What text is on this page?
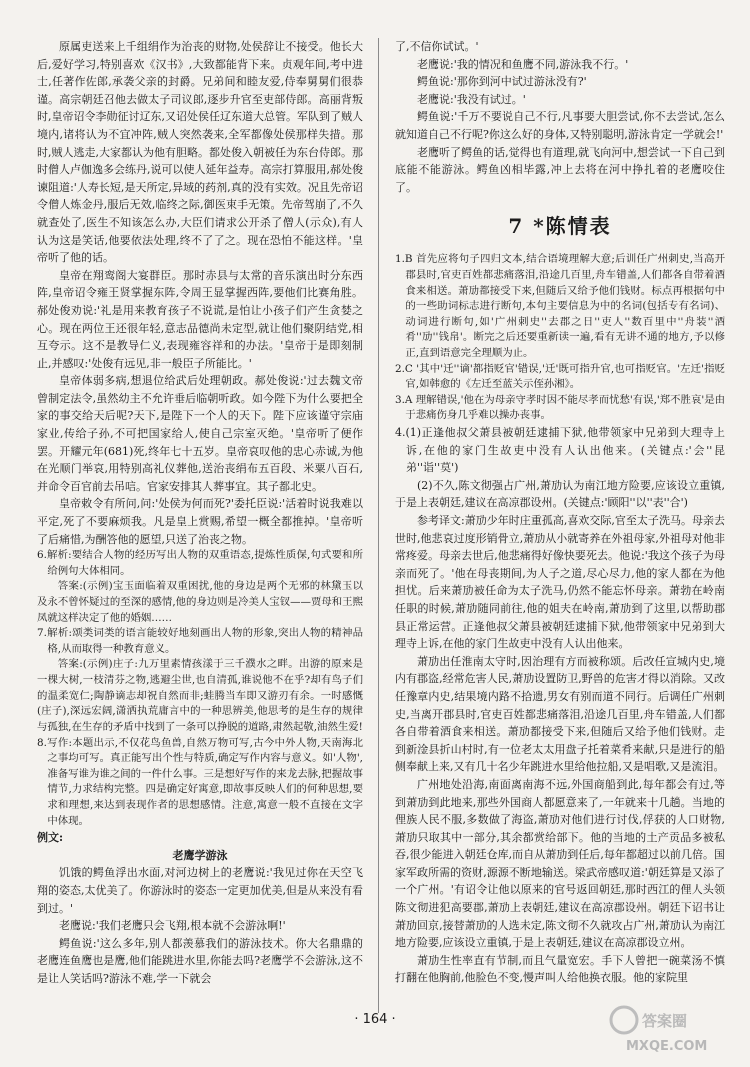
原属吏送来上千组绢作为治丧的财物,处侯辞让不接受。他长大后,爱好学习,特别喜欢《汉书》,大致都能背下来。贞观年间,考中进士,任著作佐郎,承袭父亲的封爵。兄弟间和睦友爱,侍奉舅舅们很恭谨。高宗朝廷召他去做太子司议郎,逐步升官至吏部侍郎。高丽背叛时,皇帝诏令李勋征讨辽东,又诏处侯任辽东道大总管。军队到了贼人境内,诸将认为不宜冲阵,贼人突然袭来,全军都像处侯那样失措。那时,贼人逃走,大家都认为他有胆略。都处俊入朝被任为东台侍郎。那时僧人卢伽逸多会练丹,说可以使人延年益寿。高宗打算服用,郝处俊谏阻道:'人寿长短,是天所定,异域的药剂,真的没有实效。况且先帝诏令僧人炼金丹,服后无效,临终之际,御医束手无策。先帝驾崩了,不久就查处了,医生不知该怎么办,大臣们请求公开杀了僧人(示众),有人认为这是笑话,他要依法处理,终不了了之。现在恐怕不能这样。'皇帝听了他的话。

皇帝在翔鸾阁大宴群臣。那时赤县与太常的音乐演出时分东西阵,皇帝诏令雍王贤掌握东阵,令周王显掌握西阵,要他们比赛角胜。郝处俊劝说:'礼是用来教育孩子不说谎,是怕让小孩子们产生贪婪之心。现在两位王还很年轻,意志品德尚未定型,就让他们聚阴结党,相互夸示。这不是教导仁义,表现雍容祥和的办法。'皇帝于是即刻制止,并感叹:'处俊有远见,非一般臣子所能比。'

皇帝体弱多病,想退位给武后处理朝政。郝处俊说:'过去魏文帝曾制定法令,虽然幼主不允许垂后临朝听政。如今陛下为什么要把全家的事交给天后呢?天下,是陛下一个人的天下。陛下应该谨守宗庙家业,传给子孙,不可把国家给人,使自己宗室灭绝。'皇帝听了便作罢。开耀元年(681)死,终年七十五岁。皇帝哀叹他的忠心赤诚,为他在光顺门举哀,用特别高礼仪葬他,送治丧绢布五百段、米粟八百石,并命令百官前去吊唁。官家安排其人葬事宜。其子都北史。

皇帝敕令有所问,问:'处侯为何而死?'委托臣说:'活着时说我难以平定,死了不要麻烦我。凡是皇上赏赐,希望一概全都推掉。'皇帝听了后痛惜,为酬答他的愿望,只送了治丧之物。

6.解析:要结合人物的经历写出人物的双重语态,提炼性质保,句式要和所给例句大体相同。

答案:(示例)宝玉面临着双重困扰,他的身边是两个无邪的林黛玉以及永不曾怀疑过的至深的感情,他的身边则是冷美人宝钗——贾母和王熙凤就这样决定了他的婚姻……

7.解析:颂类词类的语言能较好地刻画出人物的形象,突出人物的精神品格,从而取得一种教育意义。

答案:(示例)庄子:九万里素情孩漾于三千濮水之畔。出游的原来是一棵大树,一枝清芬之物,逃避尘世,也自清孤,谁说他不在乎?却有鸟子们的温柔宽仁;陶静谪志却祝自然而非;蛙腾当车即又游刃有余。一时感慨(庄子),深远宏阔,潇洒执荒庸言中的一种思辨美,他思考的是生存的规律与孤独,在生存的矛盾中找到了一条可以挣脱的道路,肃然起敬,油然生爱!

8.写作:本题出示,不仅花鸟鱼兽,自然万物可写,古今中外人物,天南海北之事均可写。真正能写出个性与特质,确定写作内容与意义。如'人物',准备写谁为谁之间的一件什么事。三是想好写作的来龙去脉,把握故事情节,力求结构完整。四是确定好寓意,即故事反映人们的何种思想,要求和理想,来达到表现作者的思想感情。注意,寓意一般不直接在文字中体现。

例文:

老鹰学游泳

饥饿的鳄鱼浮出水面,对河边树上的老鹰说:'我见过你在天空飞翔的姿态,太优美了。你游泳时的姿态一定更加优美,但是从来没有看到过。'

老鹰说:'我们老鹰只会飞翔,根本就不会游泳啊!'

鳄鱼说:'这么多年,别人都羡慕我们的游泳技术。你大名鼎鼎的老鹰连鱼鹰也是鹰,他们能跳进水里,你能去吗?老鹰学不会游泳,这不是让人笑话吗?游泳不难,学一下就会

了,不信你试试。'

老鹰说:'我的情况和鱼鹰不同,游泳我不行。'

鳄鱼说:'那你到河中试过游泳没有?'

老鹰说:'我没有试过。'

鳄鱼说:'千万不要说自己不行,凡事要大胆尝试,你不去尝试,怎么就知道自己不行呢?你这么好的身体,又特别聪明,游泳肯定一学就会!'

老鹰听了鳄鱼的话,觉得也有道理,就飞向河中,想尝试一下自己到底能不能游泳。鳄鱼凶相毕露,冲上去将在河中挣扎着的老鹰咬住了。

7 *陈情表

1.B 首先应将句子四归文本,结合语境理解大意;后训任广州刺史,当高开郡县时,官吏百姓都悲痛落泪,沿途几百里,舟车错盖,人们都各自带着酒食来相送。萧劢都接受下来,但随后又给予他们钱财。标点再根据句中的一些助词标志进行断句,本句主要信息为中的名词(包括专有名词)、动词进行断句,如'广州刺史''去郡之日''吏人''数百里中''舟装''酒肴''劢''钱帛'。断完之后还要重新读一遍,看有无讲不通的地方,予以修正,直到语意完全理顺为止。

2.C '其中'迁''谪'都指贬官'错误,'迁'既可指升官,也可指贬官。'左迁'指贬官,如韩愈的《左迁至蓝关示侄孙湘》。

3.A 理解错误,'他在为母亲守孝时因不能尽孝而忧愁'有误,'郑不胜哀'是由于悲痛伤身几乎难以操办丧事。

4.(1)正逢他叔父萧县被朝廷逮捕下狱,他带领家中兄弟到大理寺上诉,在他的家门生故吏中没有人认出他来。(关键点:'会''昆弟''诣''莫')

(2)不久,陈文彻强占广州,萧劢认为南江地方险要,应该设立重镇,于是上表朝廷,建议在高凉郡设州。(关键点:'顾阳''以''表''合')

参考译文:萧劢少年时庄重孤高,喜欢交际,官至太子洗马。母亲去世时,他悲哀过度形销骨立,萧劢从小就寄养在外祖母家,外祖母对他非常疼爱。母亲去世后,他悲痛得好像快要死去。他说:'我这个孩子为母亲而死了。'他在母丧期间,为人子之道,尽心尽力,他的家人都在为他担忧。后来萧劢被任命为太子洗马,仍然不能忘怀母亲。萧勃在岭南任职的时候,萧劢随同前往,他的姐夫在岭南,萧劢到了这里,以帮助郡县正常运营。正逢他叔父萧县被朝廷逮捕下狱,他带领家中兄弟到大理寺上诉,在他的家门生故吏中没有人认出他来。

萧劢出任淮南太守时,因治理有方而被称颂。后改任宣城内史,境内有郡盗,经常危害人民,萧劢设置防卫,野兽的危害才得以消除。又改任豫章内史,结果境内路不拾遗,男女有别而道不同行。后调任广州刺史,当离开郡县时,官吏百姓都悲痛落泪,沿途几百里,舟车错盖,人们都各自带着酒食来相送。萧劢都接受下来,但随后又给予他们钱财。走到新淦县折山村时,有一位老太太用盘子托着菜肴来献,只是进行的船侧奉献上来,又有几十名少年跳进水里给他拉船,又是唱歌,又是流泪。

广州地处沿海,南面离南海不远,外国商船到此,每年都会有过,等到萧劢到此地来,那些外国商人都愿意来了,一年就来十几趟。当地的俚族人民不服,多数做了海盗,萧劢对他们进行讨伐,俘获的人口财物,萧劢只取其中一部分,其余都赏给部下。他的当地的土产贡品多被私吞,很少能进入朝廷仓库,而自从萧劢到任后,每年都超过以前几倍。国家军政所需的资财,源源不断地输送。梁武帝感叹道:'朝廷算是又添了一个广州。'有诏令让他以原来的官号返回朝廷,那时西江的俚人头领陈文彻进犯高要郡,萧劢上表朝廷,建议在高凉郡设州。朝廷下诏书让萧劢回京,接替萧劢的人选未定,陈文彻不久就攻占广州,萧劢认为南江地方险要,应该设立重镇,于是上表朝廷,建议在高凉郡设立州。

萧劢生性率直有节制,而且气量宽宏。手下人曾把一碗菜汤不慎打翻在他胸前,他脸色不变,慢声叫人给他换衣服。他的家院里

· 164 ·	答案圈
MXQE.COM
